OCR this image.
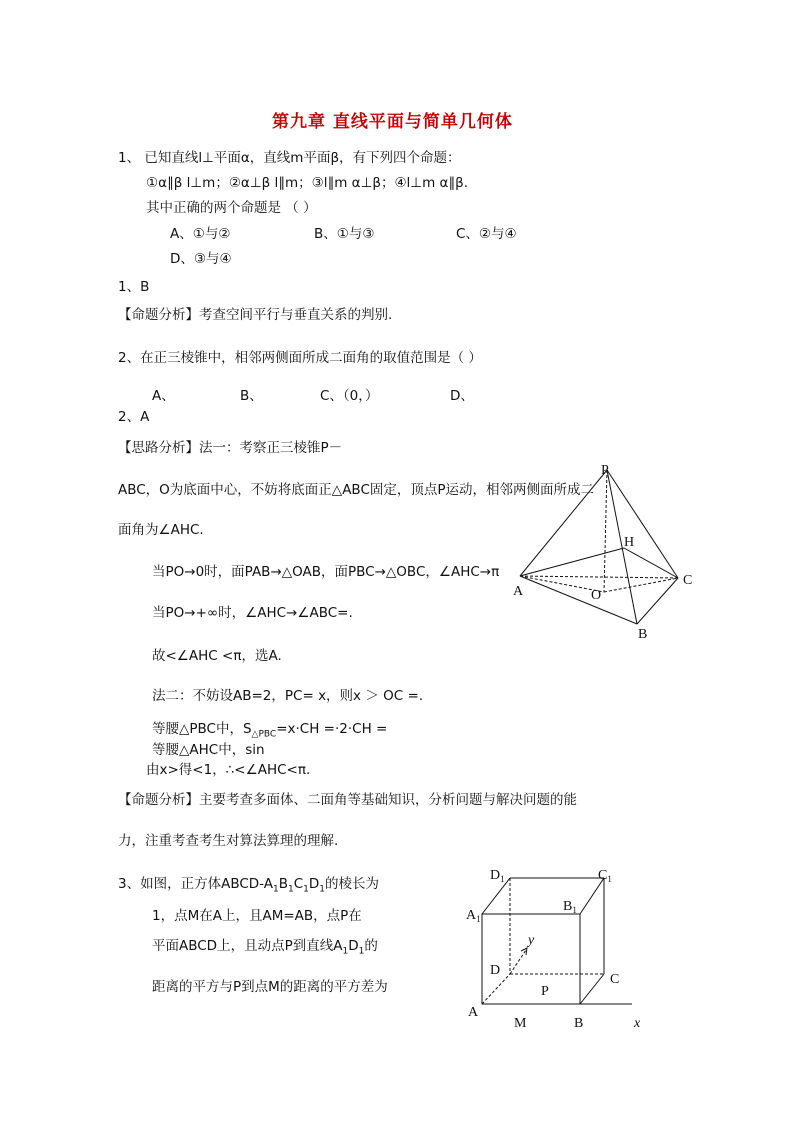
第九章 直线平面与简单几何体
1、 已知直线l⊥平面α，直线m平面β，有下列四个命题：
①α∥β l⊥m；②α⊥β l∥m；③l∥m α⊥β；④l⊥m α∥β.
其中正确的两个命题是 （ ）
A、①与②	B、①与③	C、②与④
D、③与④
1、B
【命题分析】考查空间平行与垂直关系的判别.
2、在正三棱锥中，相邻两侧面所成二面角的取值范围是（ ）
A、	B、	C、（0，）	D、
2、A
【思路分析】法一：考察正三棱锥P－
ABC，O为底面中心，不妨将底面正△ABC固定，顶点P运动，相邻两侧面所成二
面角为∠AHC.
当PO→0时，面PAB→△OAB，面PBC→△OBC，∠AHC→π
当PO→+∞时，∠AHC→∠ABC=.
故<∠AHC <π，选A.
法二：不妨设AB=2，PC= x，则x ＞ OC =.
等腰△PBC中，$S_{\triangle PBC}=x\cdot CH =\cdot 2\cdot CH$ =
等腰△AHC中，sin
由x>得<1，∴<∠AHC<π.
【命题分析】主要考查多面体、二面角等基础知识，分析问题与解决问题的能
力，注重考查考生对算法算理的理解.
3、如图，正方体ABCD-$A_1B_1C_1D_1$的棱长为
1，点M在A上，且AM=AB，点P在
平面ABCD上，且动点P到直线$A_1D_1$的
距离的平方与P到点M的距离的平方差为
P
H
A
C
O
B
$D_1$	$C_1$
$A_1$
$B_1$
y
D
C
P
A
M	B	x
